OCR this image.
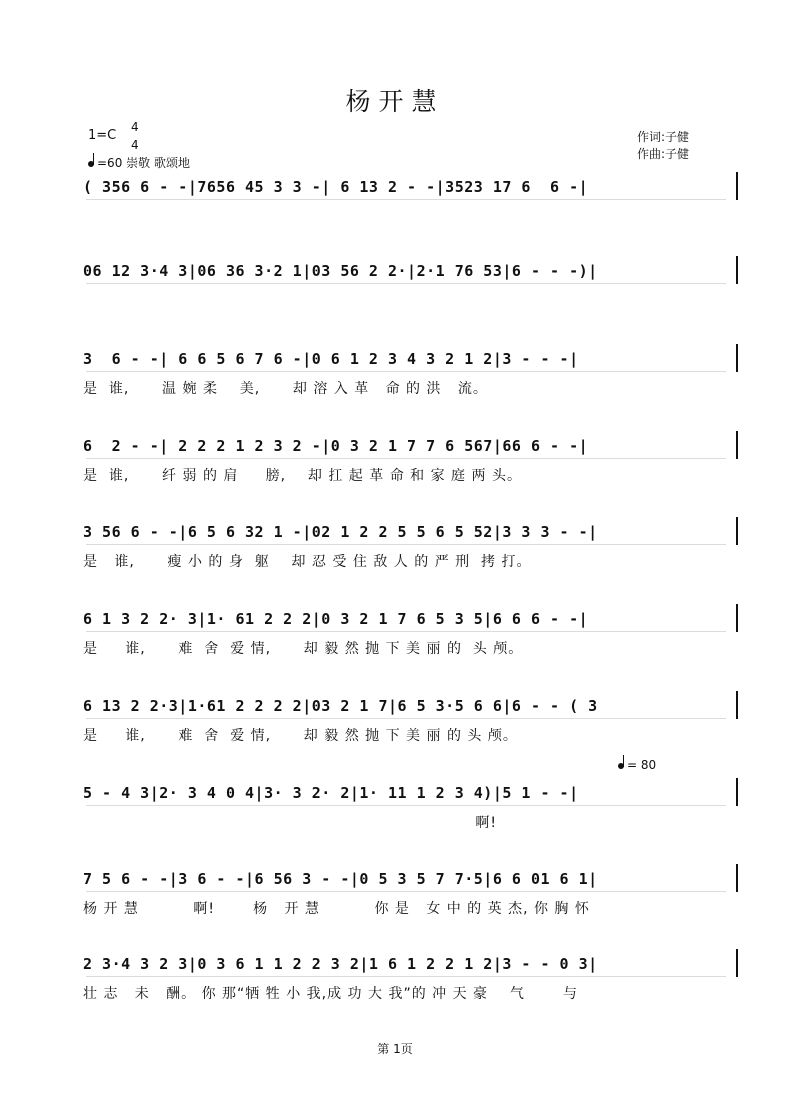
杨开慧
1=C
4
4
=60 崇敬 歌颂地
作词:子健
作曲:子健
= 80
( 356 6 - -|7656 45 3 3 -| 6 13 2 - -|3523 17 6  6 -|
06 12 3·4 3|06 36 3·2 1|03 56 2 2·|2·1 76 53|6 - - -)|
3  6 - -| 6 6 5 6 7 6 -|0 6 1 2 3 4 3 2 1 2|3 - - -|
是  谁,      温 婉 柔    美,      却 溶 入 革   命 的 洪   流。
6  2 - -| 2 2 2 1 2 3 2 -|0 3 2 1 7 7 6 567|66 6 - -|
是  谁,      纤 弱 的 肩     膀,    却 扛 起 革 命 和 家 庭 两 头。
3 56 6 - -|6 5 6 32 1 -|02 1 2 2 5 5 6 5 52|3 3 3 - -|
是   谁,      瘦 小 的 身  躯    却 忍 受 住 敌 人 的 严 刑  拷 打。
6 1 3 2 2· 3|1· 61 2 2 2|0 3 2 1 7 6 5 3 5|6 6 6 - -|
是     谁,      难  舍  爱 情,      却 毅 然 抛 下 美 丽 的  头 颅。
6 13 2 2·3|1·61 2 2 2 2|03 2 1 7|6 5 3·5 6 6|6 - - ( 3
是     谁,      难  舍  爱 情,      却 毅 然 抛 下 美 丽 的 头 颅。
5 - 4 3|2· 3 4 0 4|3· 3 2· 2|1· 11 1 2 3 4)|5 1 - -|
啊!
7 5 6 - -|3 6 - -|6 56 3 - -|0 5 3 5 7 7·5|6 6 01 6 1|
杨 开 慧          啊!       杨   开 慧          你 是   女 中 的 英 杰, 你 胸 怀
2 3·4 3 2 3|0 3 6 1 1 2 2 3 2|1 6 1 2 2 1 2|3 - - 0 3|
壮 志   未   酬。 你 那“牺 牲 小 我,成 功 大 我”的 冲 天 豪    气       与
第 1页
